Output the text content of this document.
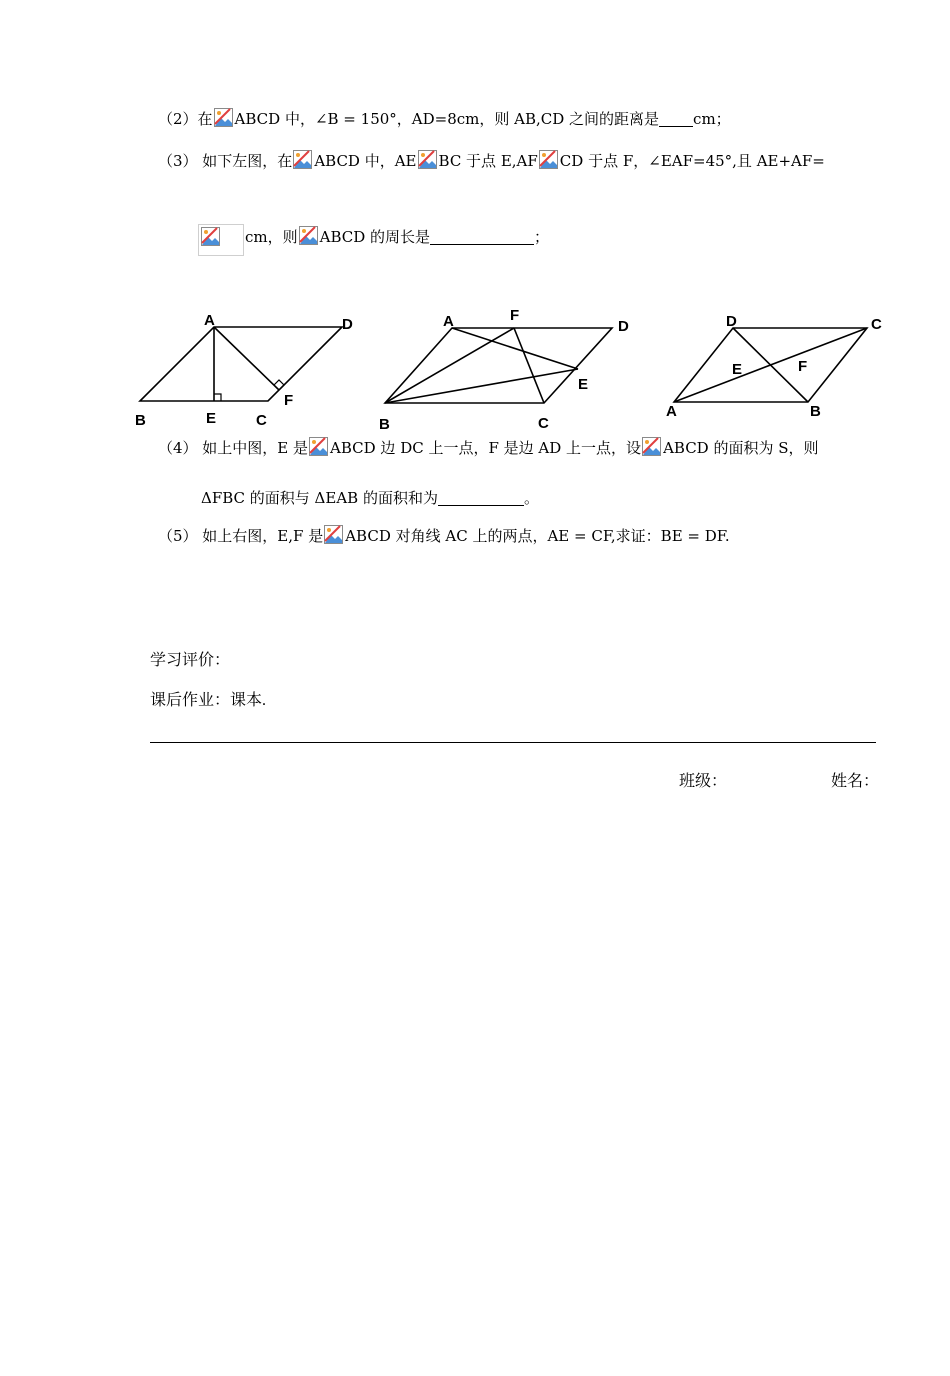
（2）在 ABCD 中，∠B = 150°，AD=8cm，则 AB,CD 之间的距离是 cm；
（3） 如下左图，在 ABCD 中，AE BC 于点 E,AF CD 于点 F，∠EAF=45°,且 AE+AF=
cm，则 ABCD 的周长是	；
A	D
B	E	C
F
A	F
D
E
B	C
D	C
E	F
A	B
（4） 如上中图，E 是 ABCD 边 DC 上一点，F 是边 AD 上一点，设 ABCD 的面积为 S，则
ΔFBC 的面积与 ΔEAB 的面积和为	。
（5） 如上右图，E,F 是 ABCD 对角线 AC 上的两点，AE = CF,求证：BE = DF.
学习评价：
课后作业：课本.
班级：	姓名：
